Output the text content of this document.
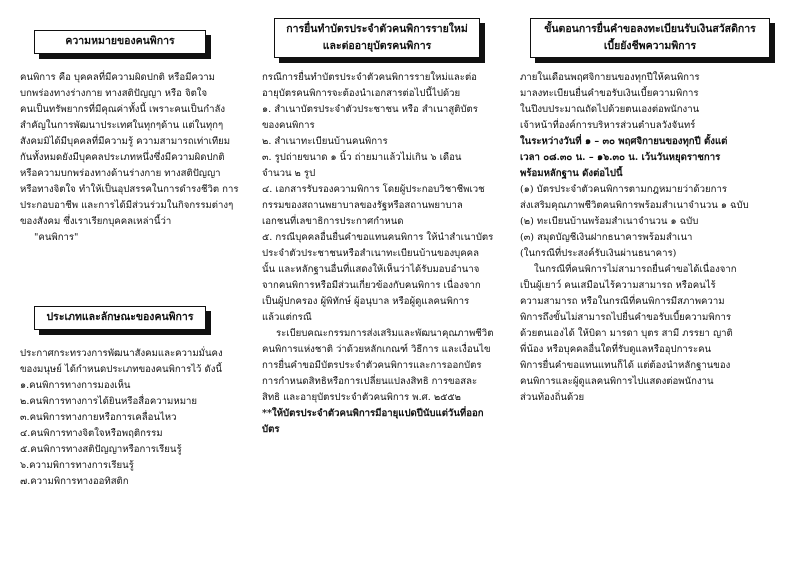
ความหมายของคนพิการ
คนพิการ คือ บุคคลที่มีความผิดปกติ หรือมีความ
บกพร่องทางร่างกาย ทางสติปัญญา หรือ จิตใจ
คนเป็นทรัพยากรที่มีคุณค่าทั้งนี้ เพราะคนเป็นกำลัง
สำคัญในการพัฒนาประเทศในทุกๆด้าน แต่ในทุกๆ
สังคมมิได้มีบุคคลที่มีความรู้ ความสามารถเท่าเทียม
กันทั้งหมดยังมีบุคคลประเภทหนึ่งซึ่งมีความผิดปกติ
หรือความบกพร่องทางด้านร่างกาย ทางสติปัญญา
หรือทางจิตใจ ทำให้เป็นอุปสรรคในการดำรงชีวิต การ
ประกอบอาชีพ และการได้มีส่วนร่วมในกิจกรรมต่างๆ
ของสังคม ซึ่งเราเรียกบุคคลเหล่านี้ว่า
"คนพิการ"
ประเภทและลักษณะของคนพิการ
ประกาศกระทรวงการพัฒนาสังคมและความมั่นคง
ของมนุษย์ ได้กำหนดประเภทของคนพิการไว้ ดังนี้
๑.คนพิการทางการมองเห็น
๒.คนพิการทางการได้ยินหรือสื่อความหมาย
๓.คนพิการทางกายหรือการเคลื่อนไหว
๔.คนพิการทางจิตใจหรือพฤติกรรม
๕.คนพิการทางสติปัญญาหรือการเรียนรู้
๖.ความพิการทางการเรียนรู้
๗.ความพิการทางออทิสติก
การยื่นทำบัตรประจำตัวคนพิการรายใหม่
และต่ออายุบัตรคนพิการ
กรณีการยื่นทำบัตรประจำตัวคนพิการรายใหม่และต่อ
อายุบัตรคนพิการจะต้องนำเอกสารต่อไปนี้ไปด้วย
๑. สำเนาบัตรประจำตัวประชาชน หรือ สำเนาสูติบัตร
ของคนพิการ
๒. สำเนาทะเบียนบ้านคนพิการ
๓. รูปถ่ายขนาด ๑ นิ้ว ถ่ายมาแล้วไม่เกิน ๖ เดือน
จำนวน ๒ รูป
๔. เอกสารรับรองความพิการ โดยผู้ประกอบวิชาชีพเวช
กรรมของสถานพยาบาลของรัฐหรือสถานพยาบาล
เอกชนที่เลขาธิการประกาศกำหนด
๕. กรณีบุคคลอื่นยื่นคำขอแทนคนพิการ ให้นำสำเนาบัตร
ประจำตัวประชาชนหรือสำเนาทะเบียนบ้านของบุคคล
นั้น และหลักฐานอื่นที่แสดงให้เห็นว่าได้รับมอบอำนาจ
จากคนพิการหรือมีส่วนเกี่ยวข้องกับคนพิการ เนื่องจาก
เป็นผู้ปกครอง ผู้พิทักษ์ ผู้อนุบาล หรือผู้ดูแลคนพิการ
แล้วแต่กรณี
ระเบียบคณะกรรมการส่งเสริมและพัฒนาคุณภาพชีวิต
คนพิการแห่งชาติ ว่าด้วยหลักเกณฑ์ วิธีการ และเงื่อนไข
การยื่นคำขอมีบัตรประจำตัวคนพิการและการออกบัตร
การกำหนดสิทธิหรือการเปลี่ยนแปลงสิทธิ การขอสละ
สิทธิ และอายุบัตรประจำตัวคนพิการ พ.ศ. ๒๕๕๒
**ให้บัตรประจำตัวคนพิการมีอายุแปดปีนับแต่วันที่ออก
บัตร
ขั้นตอนการยื่นคำขอลงทะเบียนรับเงินสวัสดิการ
เบี้ยยังชีพความพิการ
ภายในเดือนพฤศจิกายนของทุกปีให้คนพิการ
มาลงทะเบียนยื่นคำขอรับเงินเบี้ยความพิการ
ในปีงบประมาณถัดไปด้วยตนเองต่อพนักงาน
เจ้าหน้าที่องค์การบริหารส่วนตำบลวังจันทร์
ในระหว่างวันที่ ๑ – ๓๐ พฤศจิกายนของทุกปี ตั้งแต่
เวลา ๐๘.๓๐ น. – ๑๖.๓๐ น. เว้นวันหยุดราชการ
พร้อมหลักฐาน ดังต่อไปนี้
(๑) บัตรประจำตัวคนพิการตามกฎหมายว่าด้วยการ
ส่งเสริมคุณภาพชีวิตคนพิการพร้อมสำเนาจำนวน ๑ ฉบับ
(๒) ทะเบียนบ้านพร้อมสำเนาจำนวน ๑ ฉบับ
(๓) สมุดบัญชีเงินฝากธนาคารพร้อมสำเนา
(ในกรณีที่ประสงค์รับเงินผ่านธนาคาร)
ในกรณีที่คนพิการไม่สามารถยื่นคำขอได้เนื่องจาก
เป็นผู้เยาว์ คนเสมือนไร้ความสามารถ หรือคนไร้
ความสามารถ หรือในกรณีที่คนพิการมีสภาพความ
พิการถึงขั้นไม่สามารถไปยื่นคำขอรับเบี้ยความพิการ
ด้วยตนเองได้ ให้บิดา มารดา บุตร สามี ภรรยา ญาติ
พี่น้อง หรือบุคคลอื่นใดที่รับดูแลหรืออุปการะคน
พิการยื่นคำขอแทนแทนก็ได้ แต่ต้องนำหลักฐานของ
คนพิการและผู้ดูแลคนพิการไปแสดงต่อพนักงาน
ส่วนท้องถิ่นด้วย
